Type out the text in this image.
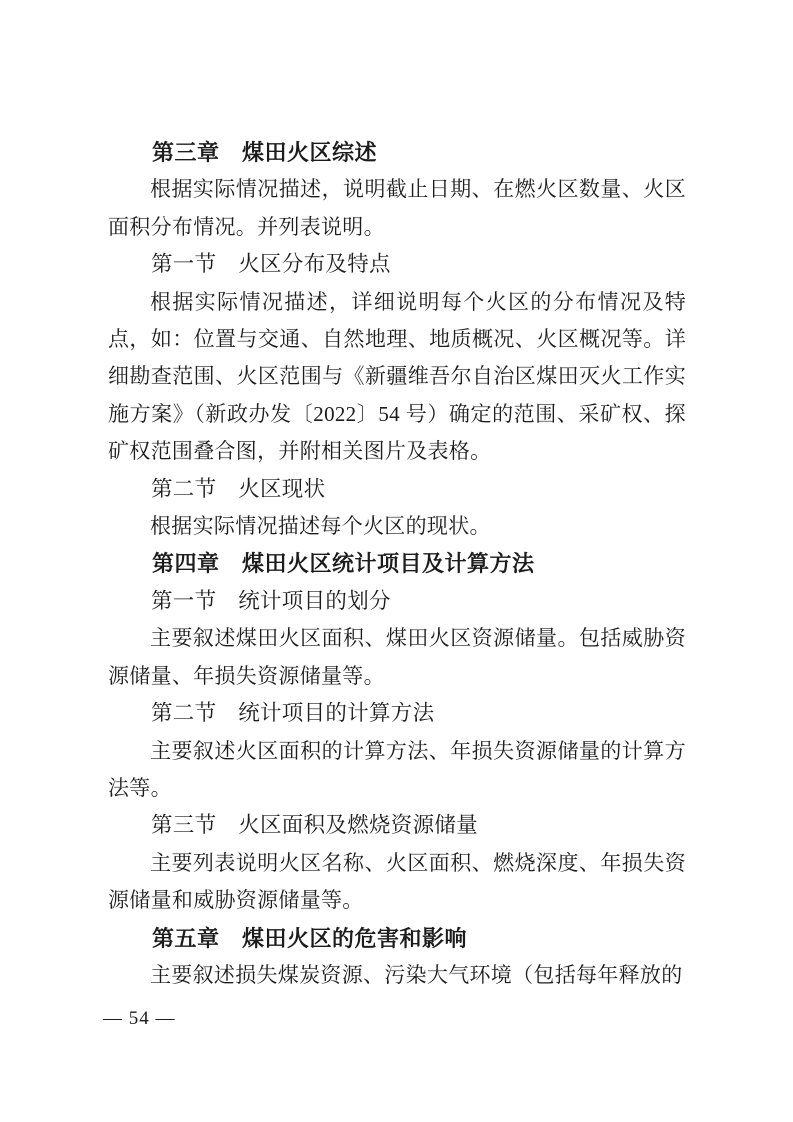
第三章　煤田火区综述

根据实际情况描述，说明截止日期、在燃火区数量、火区面积分布情况。并列表说明。

第一节　火区分布及特点

根据实际情况描述，详细说明每个火区的分布情况及特点，如：位置与交通、自然地理、地质概况、火区概况等。详细勘查范围、火区范围与《新疆维吾尔自治区煤田灭火工作实施方案》（新政办发〔2022〕54 号）确定的范围、采矿权、探矿权范围叠合图，并附相关图片及表格。

第二节　火区现状

根据实际情况描述每个火区的现状。

第四章　煤田火区统计项目及计算方法

第一节　统计项目的划分

主要叙述煤田火区面积、煤田火区资源储量。包括威胁资源储量、年损失资源储量等。

第二节　统计项目的计算方法

主要叙述火区面积的计算方法、年损失资源储量的计算方法等。

第三节　火区面积及燃烧资源储量

主要列表说明火区名称、火区面积、燃烧深度、年损失资源储量和威胁资源储量等。

第五章　煤田火区的危害和影响

主要叙述损失煤炭资源、污染大气环境（包括每年释放的

— 54 —
